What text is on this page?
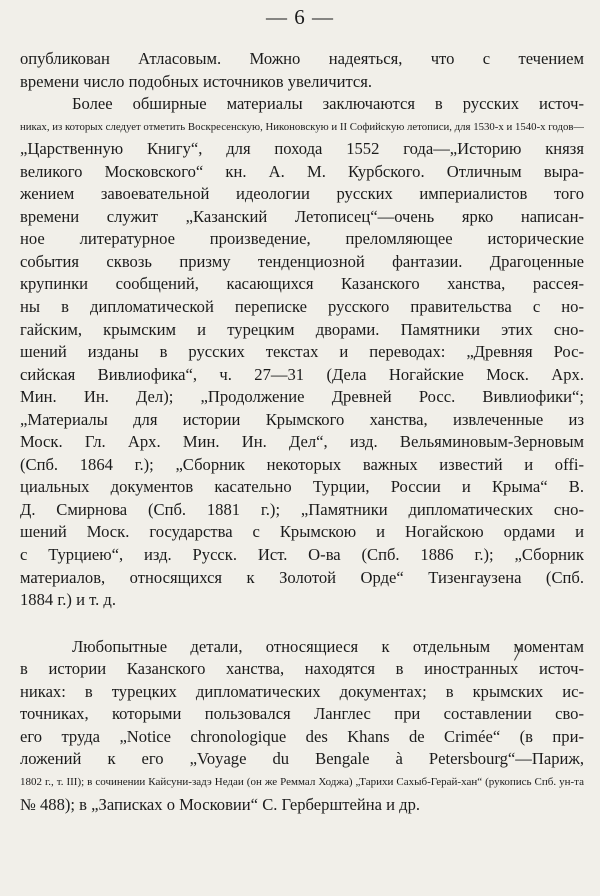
— 6 —
опубликован Атласовым. Можно надеяться, что с течением
времени число подобных источников увеличится.
Более обширные материалы заключаются в русских источ-
никах, из которых следует отметить Воскресенскую, Никоновскую и II Софийскую летописи, для 1530-х и 1540-х годов—
„Царственную Книгу“, для похода 1552 года—„Историю князя
великого Московского“ кн. А. М. Курбского. Отличным выра-
жением завоевательной идеологии русских империалистов того
времени служит „Казанский Летописец“—очень ярко написан-
ное литературное произведение, преломляющее исторические
события сквозь призму тенденциозной фантазии. Драгоценные
крупинки сообщений, касающихся Казанского ханства, рассея-
ны в дипломатической переписке русского правительства с но-
гайским, крымским и турецким дворами. Памятники этих сно-
шений изданы в русских текстах и переводах: „Древняя Рос-
сийская Вивлиофика“, ч. 27—31 (Дела Ногайские Моск. Арх.
Мин. Ин. Дел); „Продолжение Древней Росс. Вивлиофики“;
„Материалы для истории Крымского ханства, извлеченные из
Моск. Гл. Арх. Мин. Ин. Дел“, изд. Вельяминовым-Зерновым
(Спб. 1864 г.); „Сборник некоторых важных известий и offi-
циальных документов касательно Турции, России и Крыма“ В.
Д. Смирнова (Спб. 1881 г.); „Памятники дипломатических сно-
шений Моск. государства с Крымскою и Ногайскою ордами и
с Турциею“, изд. Русск. Ист. О-ва (Спб. 1886 г.); „Сборник
материалов, относящихся к Золотой Орде“ Тизенгаузена (Спб.
1884 г.) и т. д.
Любопытные детали, относящиеся к отдельным моментам
в истории Казанского ханства, находятся в иностранных источ-
никах: в турецких дипломатических документах; в крымских ис-
точниках, которыми пользовался Ланглес при составлении сво-
его труда „Notice chronologique des Khans de Crimée“ (в при-
ложений к его „Voyage du Bengale à Petersbourg“—Париж,
1802 г., т. III); в сочинении Кайсуни-задэ Недаи (он же Реммал Ходжа) „Тарихи Сахыб-Герай-хан“ (рукопись Спб. ун-та
№ 488); в „Записках о Московии“ С. Герберштейна и др.
